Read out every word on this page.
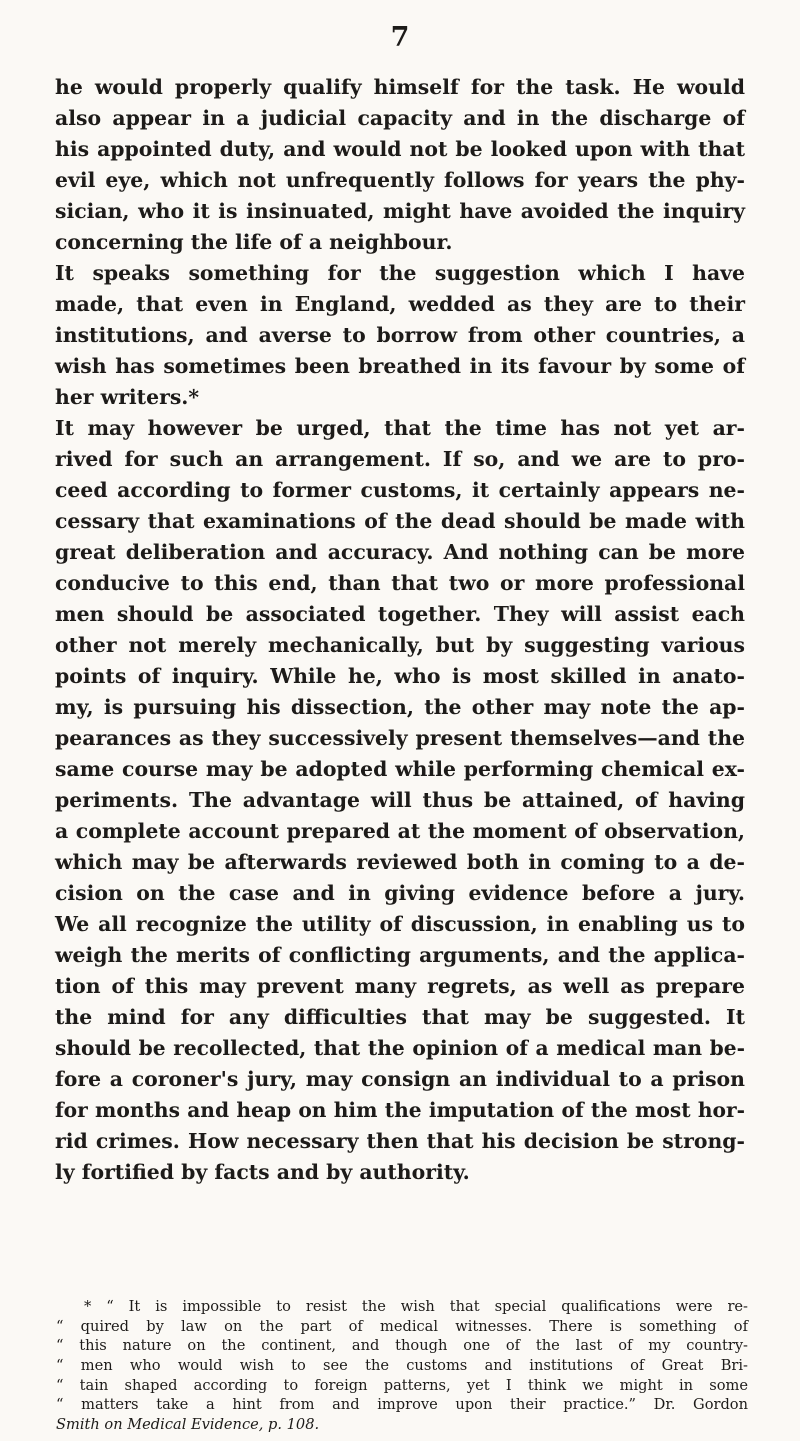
7
he would properly qualify himself for the task. He would
also appear in a judicial capacity and in the discharge of
his appointed duty, and would not be looked upon with that
evil eye, which not unfrequently follows for years the phy-
sician, who it is insinuated, might have avoided the inquiry
concerning the life of a neighbour.
It speaks something for the suggestion which I have
made, that even in England, wedded as they are to their
institutions, and averse to borrow from other countries, a
wish has sometimes been breathed in its favour by some of
her writers.*
It may however be urged, that the time has not yet ar-
rived for such an arrangement. If so, and we are to pro-
ceed according to former customs, it certainly appears ne-
cessary that examinations of the dead should be made with
great deliberation and accuracy. And nothing can be more
conducive to this end, than that two or more professional
men should be associated together. They will assist each
other not merely mechanically, but by suggesting various
points of inquiry. While he, who is most skilled in anato-
my, is pursuing his dissection, the other may note the ap-
pearances as they successively present themselves—and the
same course may be adopted while performing chemical ex-
periments. The advantage will thus be attained, of having
a complete account prepared at the moment of observation,
which may be afterwards reviewed both in coming to a de-
cision on the case and in giving evidence before a jury.
We all recognize the utility of discussion, in enabling us to
weigh the merits of conflicting arguments, and the applica-
tion of this may prevent many regrets, as well as prepare
the mind for any difficulties that may be suggested. It
should be recollected, that the opinion of a medical man be-
fore a coroner's jury, may consign an individual to a prison
for months and heap on him the imputation of the most hor-
rid crimes. How necessary then that his decision be strong-
ly fortified by facts and by authority.
* “ It is impossible to resist the wish that special qualifications were re-
“ quired by law on the part of medical witnesses. There is something of
“ this nature on the continent, and though one of the last of my country-
“ men who would wish to see the customs and institutions of Great Bri-
“ tain shaped according to foreign patterns, yet I think we might in some
“ matters take a hint from and improve upon their practice.” Dr. Gordon
Smith on Medical Evidence, p. 108.
